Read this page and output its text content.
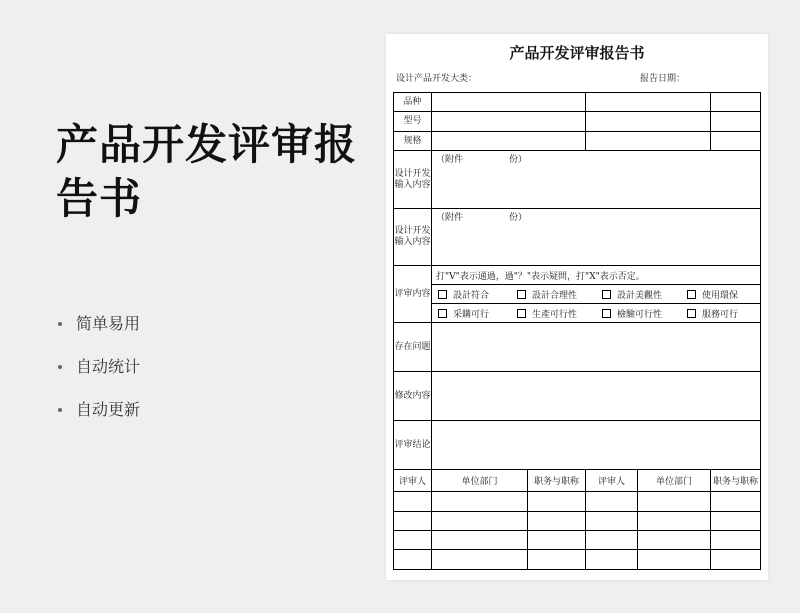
产品开发评审报告书
简单易用
自动统计
自动更新
产品开发评审报告书
设计产品开发大类：	报告日期：
品种					
型号					
规格					
设计开发输入内容	（附件 份）				
设计开发输入内容	（附件 份）				
评审内容	打"V"表示通過，過"？"表示疑問，打"X"表示否定。				
	設計符合 設計合理性 設計美觀性 使用環保				
	采購可行 生產可行性 檢驗可行性 服務可行				
存在问题					
修改内容					
评审结论					
评审人	单位部门	职务与职称	评审人	单位部门	职务与职称
